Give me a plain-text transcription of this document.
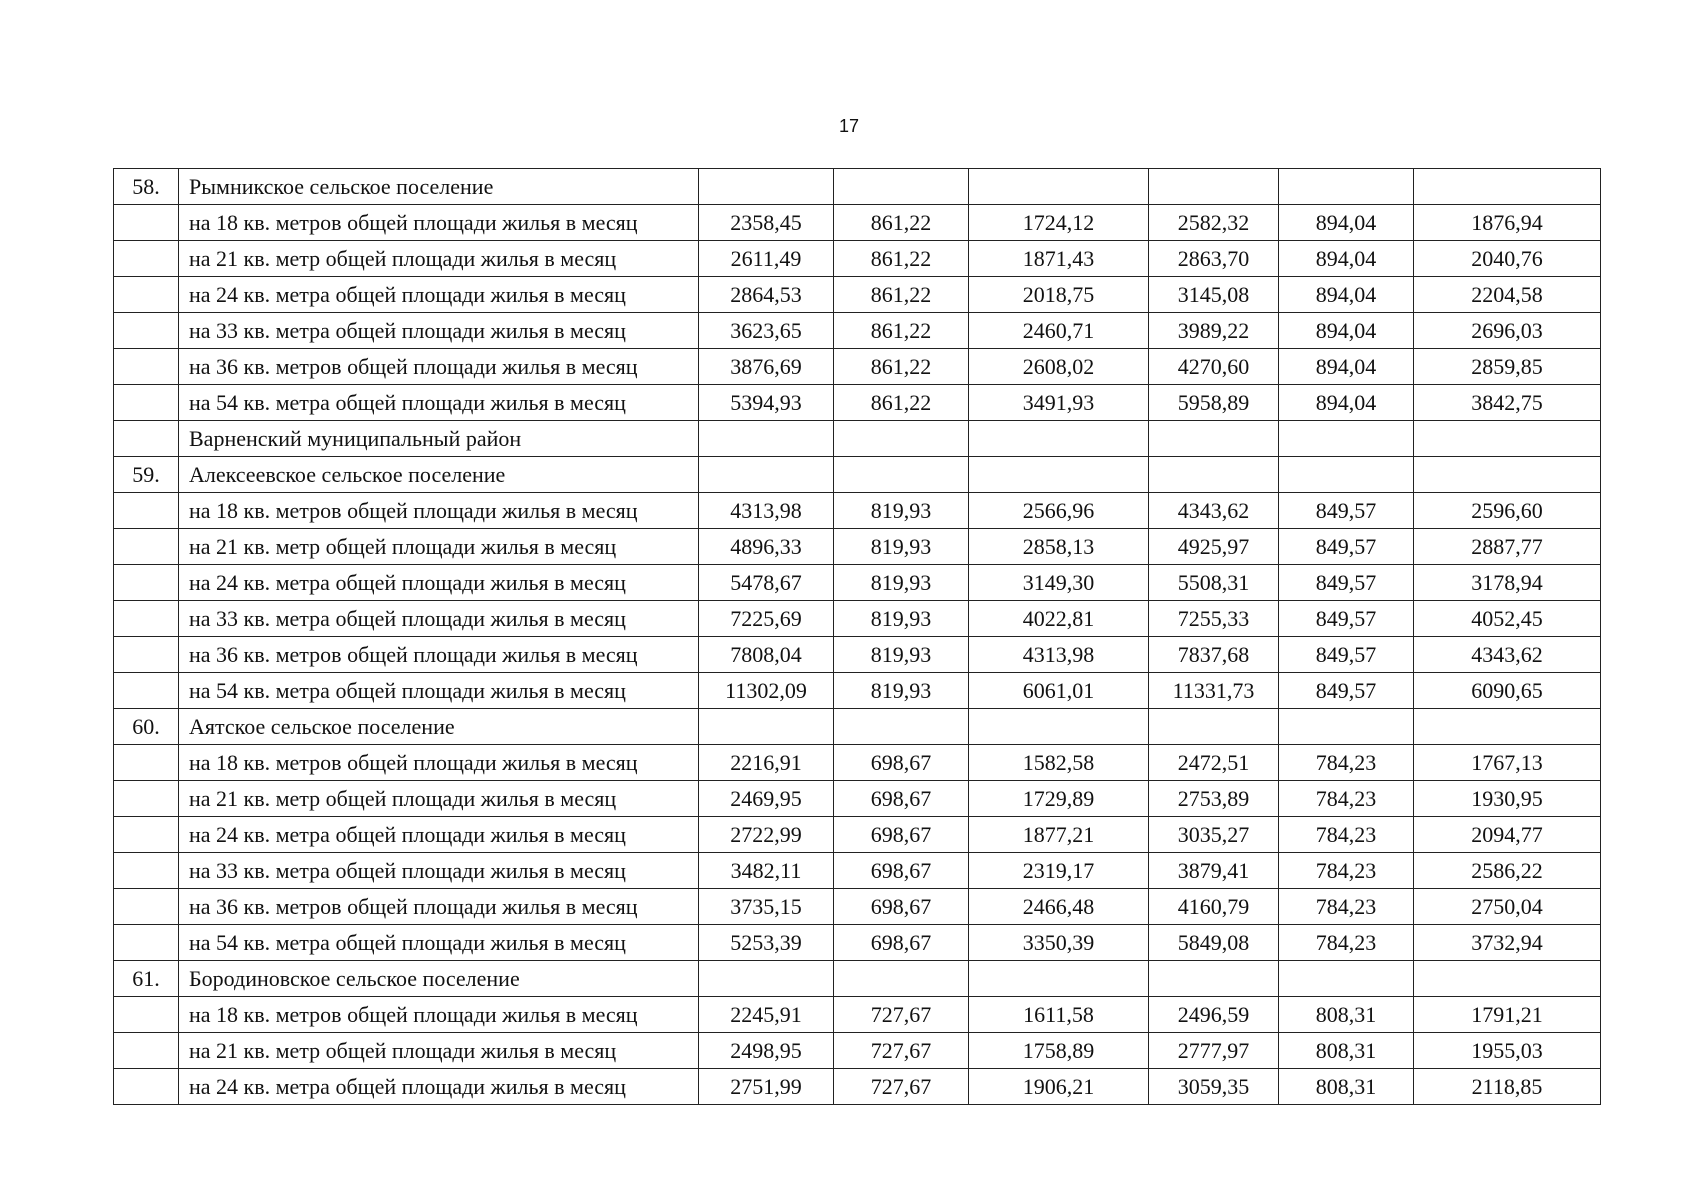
17
58.	Рымникское сельское поселение						
	на 18 кв. метров общей площади жилья в месяц	2358,45	861,22	1724,12	2582,32	894,04	1876,94
	на 21 кв. метр общей площади жилья в месяц	2611,49	861,22	1871,43	2863,70	894,04	2040,76
	на 24 кв. метра общей площади жилья в месяц	2864,53	861,22	2018,75	3145,08	894,04	2204,58
	на 33 кв. метра общей площади жилья в месяц	3623,65	861,22	2460,71	3989,22	894,04	2696,03
	на 36 кв. метров общей площади жилья в месяц	3876,69	861,22	2608,02	4270,60	894,04	2859,85
	на 54 кв. метра общей площади жилья в месяц	5394,93	861,22	3491,93	5958,89	894,04	3842,75
	Варненский муниципальный район						
59.	Алексеевское сельское поселение						
	на 18 кв. метров общей площади жилья в месяц	4313,98	819,93	2566,96	4343,62	849,57	2596,60
	на 21 кв. метр общей площади жилья в месяц	4896,33	819,93	2858,13	4925,97	849,57	2887,77
	на 24 кв. метра общей площади жилья в месяц	5478,67	819,93	3149,30	5508,31	849,57	3178,94
	на 33 кв. метра общей площади жилья в месяц	7225,69	819,93	4022,81	7255,33	849,57	4052,45
	на 36 кв. метров общей площади жилья в месяц	7808,04	819,93	4313,98	7837,68	849,57	4343,62
	на 54 кв. метра общей площади жилья в месяц	11302,09	819,93	6061,01	11331,73	849,57	6090,65
60.	Аятское сельское поселение						
	на 18 кв. метров общей площади жилья в месяц	2216,91	698,67	1582,58	2472,51	784,23	1767,13
	на 21 кв. метр общей площади жилья в месяц	2469,95	698,67	1729,89	2753,89	784,23	1930,95
	на 24 кв. метра общей площади жилья в месяц	2722,99	698,67	1877,21	3035,27	784,23	2094,77
	на 33 кв. метра общей площади жилья в месяц	3482,11	698,67	2319,17	3879,41	784,23	2586,22
	на 36 кв. метров общей площади жилья в месяц	3735,15	698,67	2466,48	4160,79	784,23	2750,04
	на 54 кв. метра общей площади жилья в месяц	5253,39	698,67	3350,39	5849,08	784,23	3732,94
61.	Бородиновское сельское поселение						
	на 18 кв. метров общей площади жилья в месяц	2245,91	727,67	1611,58	2496,59	808,31	1791,21
	на 21 кв. метр общей площади жилья в месяц	2498,95	727,67	1758,89	2777,97	808,31	1955,03
	на 24 кв. метра общей площади жилья в месяц	2751,99	727,67	1906,21	3059,35	808,31	2118,85
